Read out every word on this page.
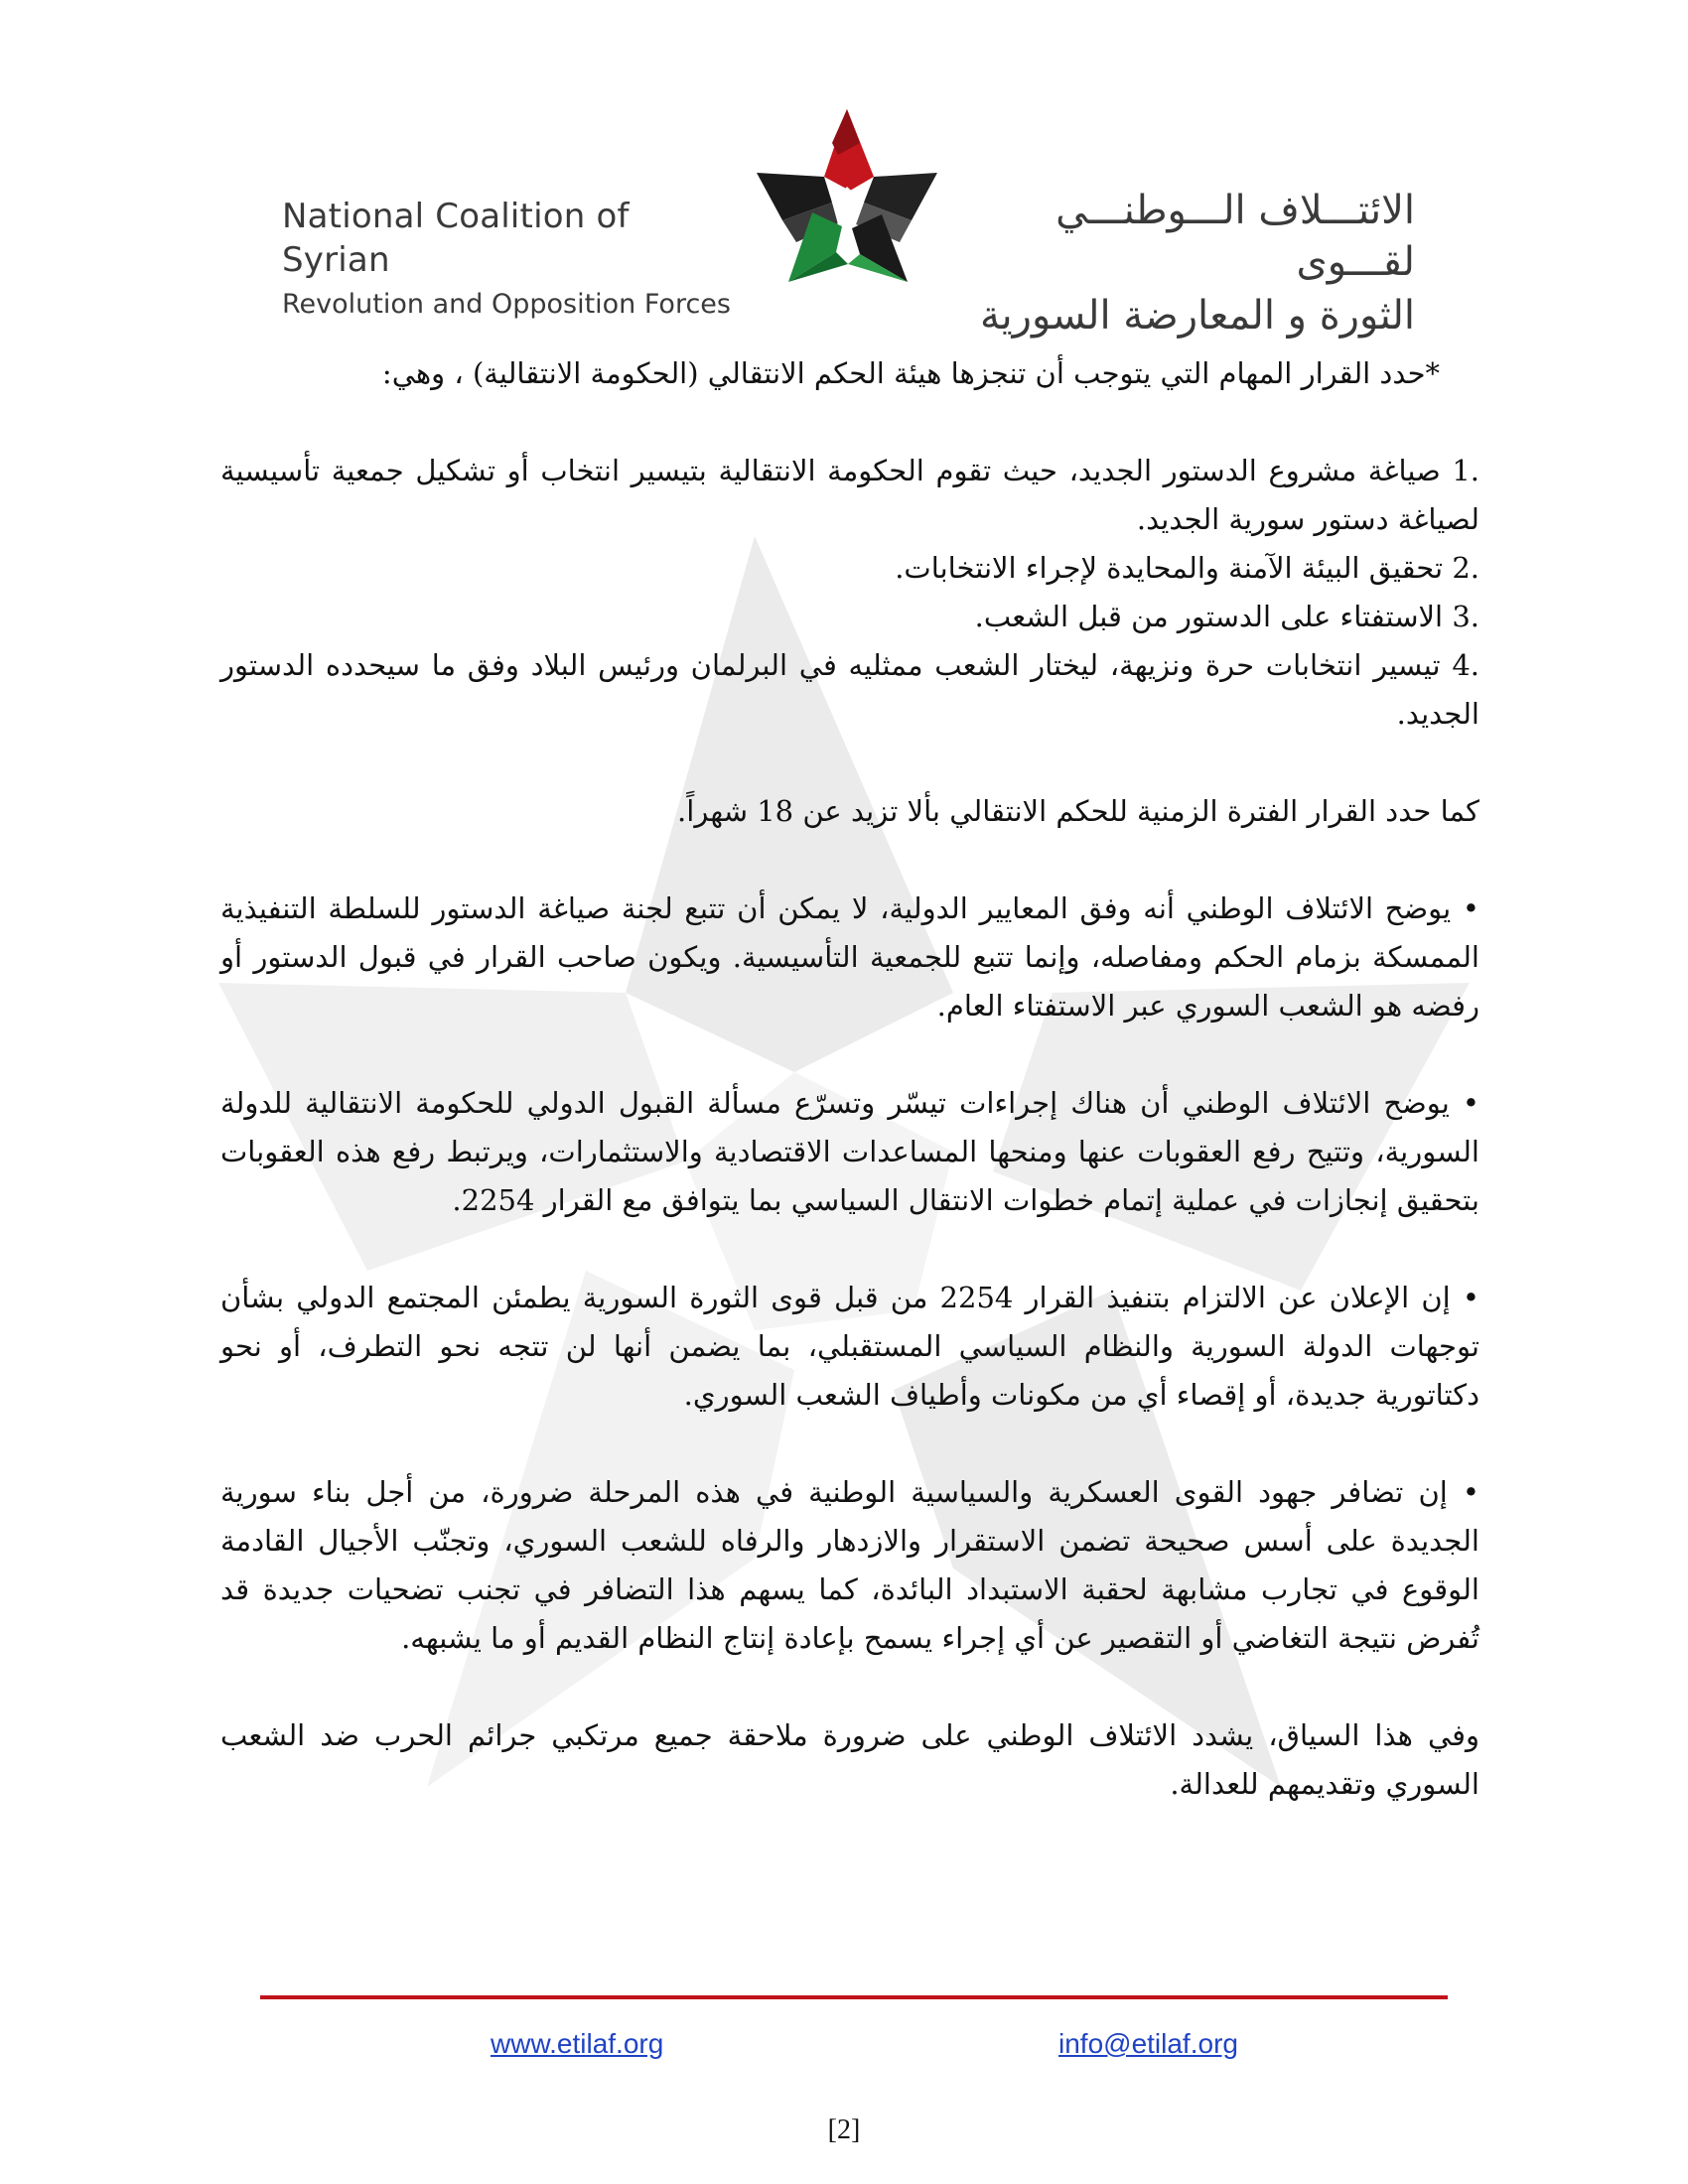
National Coalition of Syrian
Revolution and Opposition Forces
الائتـــلاف الـــوطنـــي لقـــوى
الثورة و المعارضة السورية

*حدد القرار المهام التي يتوجب أن تنجزها هيئة الحكم الانتقالي (الحكومة الانتقالية) ، وهي:

.1 صياغة مشروع الدستور الجديد، حيث تقوم الحكومة الانتقالية بتيسير انتخاب أو تشكيل جمعية تأسيسية لصياغة دستور سورية الجديد.

.2 تحقيق البيئة الآمنة والمحايدة لإجراء الانتخابات.

.3 الاستفتاء على الدستور من قبل الشعب.

.4 تيسير انتخابات حرة ونزيهة، ليختار الشعب ممثليه في البرلمان ورئيس البلاد وفق ما سيحدده الدستور الجديد.

كما حدد القرار الفترة الزمنية للحكم الانتقالي بألا تزيد عن 18 شهراً.

• يوضح الائتلاف الوطني أنه وفق المعايير الدولية، لا يمكن أن تتبع لجنة صياغة الدستور للسلطة التنفيذية الممسكة بزمام الحكم ومفاصله، وإنما تتبع للجمعية التأسيسية. ويكون صاحب القرار في قبول الدستور أو رفضه هو الشعب السوري عبر الاستفتاء العام.

• يوضح الائتلاف الوطني أن هناك إجراءات تيسّر وتسرّع مسألة القبول الدولي للحكومة الانتقالية للدولة السورية، وتتيح رفع العقوبات عنها ومنحها المساعدات الاقتصادية والاستثمارات، ويرتبط رفع هذه العقوبات بتحقيق إنجازات في عملية إتمام خطوات الانتقال السياسي بما يتوافق مع القرار 2254.

• إن الإعلان عن الالتزام بتنفيذ القرار 2254 من قبل قوى الثورة السورية يطمئن المجتمع الدولي بشأن توجهات الدولة السورية والنظام السياسي المستقبلي، بما يضمن أنها لن تتجه نحو التطرف، أو نحو دكتاتورية جديدة، أو إقصاء أي من مكونات وأطياف الشعب السوري.

• إن تضافر جهود القوى العسكرية والسياسية الوطنية في هذه المرحلة ضرورة، من أجل بناء سورية الجديدة على أسس صحيحة تضمن الاستقرار والازدهار والرفاه للشعب السوري، وتجنّب الأجيال القادمة الوقوع في تجارب مشابهة لحقبة الاستبداد البائدة، كما يسهم هذا التضافر في تجنب تضحيات جديدة قد تُفرض نتيجة التغاضي أو التقصير عن أي إجراء يسمح بإعادة إنتاج النظام القديم أو ما يشبهه.

وفي هذا السياق، يشدد الائتلاف الوطني على ضرورة ملاحقة جميع مرتكبي جرائم الحرب ضد الشعب السوري وتقديمهم للعدالة.

www.etilaf.org	info@etilaf.org
[2]
